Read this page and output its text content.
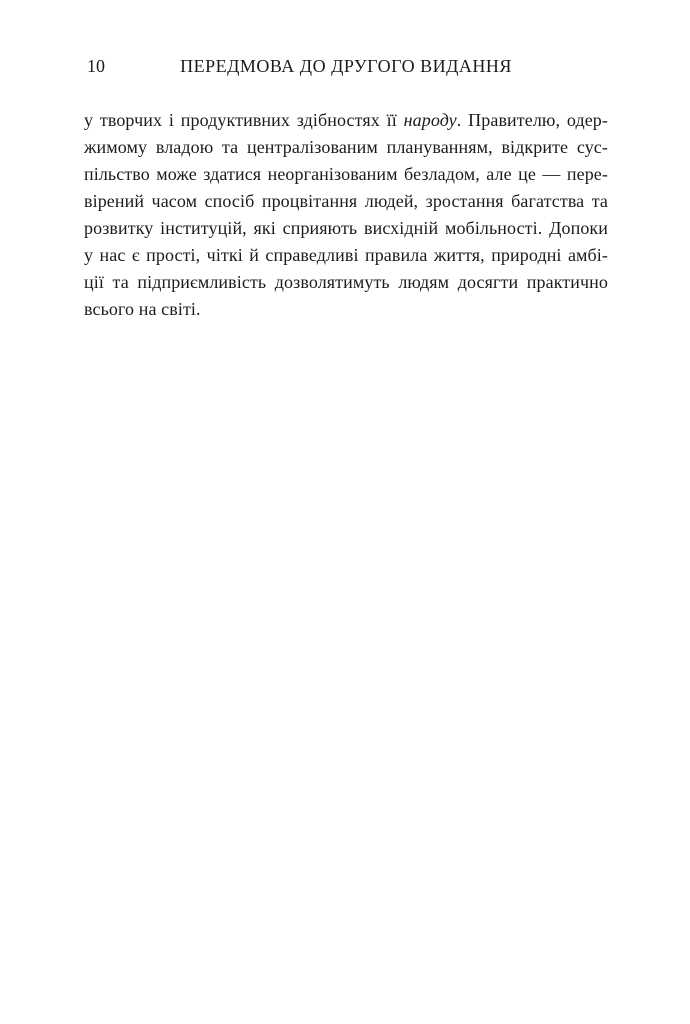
10	ПЕРЕДМОВА ДО ДРУГОГО ВИДАННЯ
у творчих і продуктивних здібностях її народу. Правителю, одер-
жимому владою та централізованим плануванням, відкрите сус-
пільство може здатися неорганізованим безладом, але це — пере-
вірений часом спосіб процвітання людей, зростання багатства та
розвитку інституцій, які сприяють висхідній мобільності. Допоки
у нас є прості, чіткі й справедливі правила життя, природні амбі-
ції та підприємливість дозволятимуть людям досягти практично
всього на світі.
